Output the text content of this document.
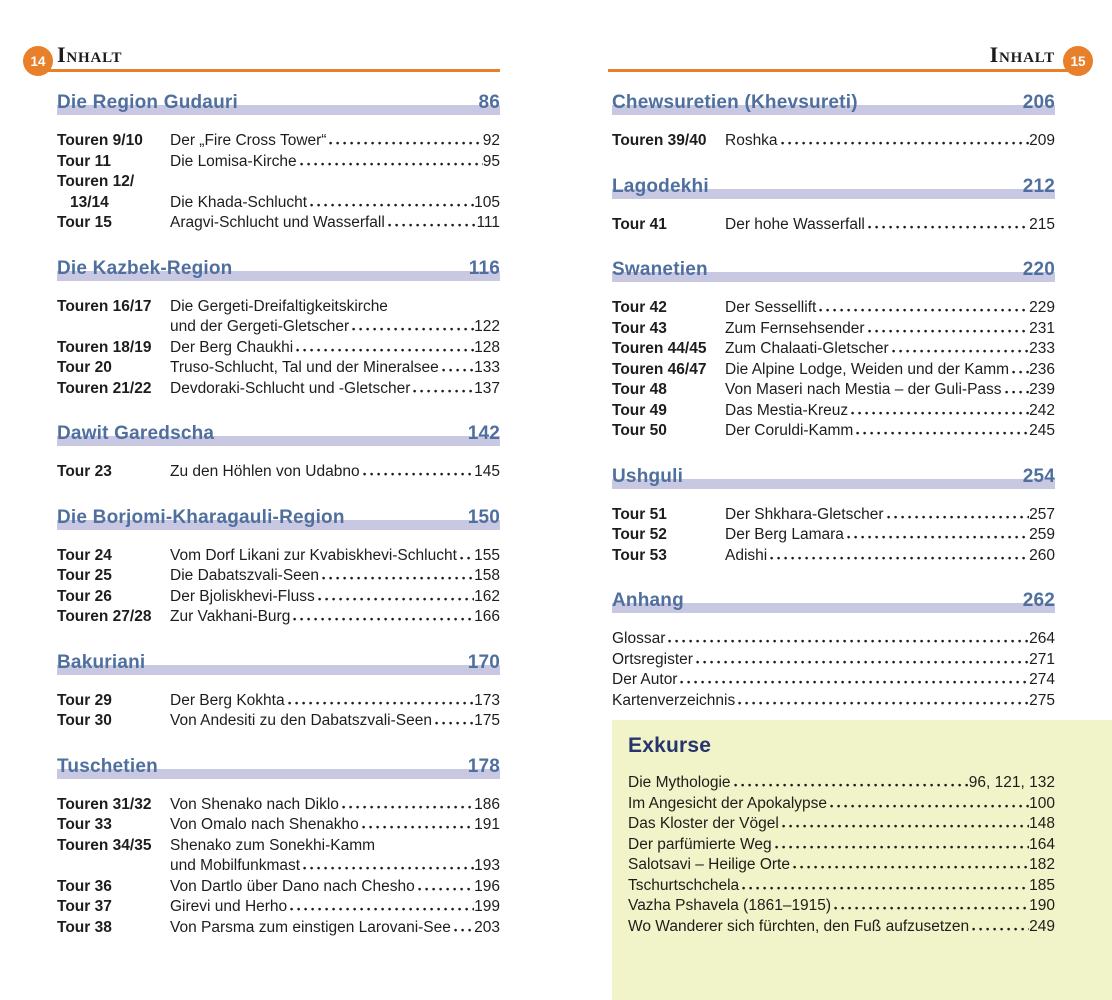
14 Inhalt
Die Region Gudauri	86
Touren 9/10	Der „Fire Cross Tower“	92
Tour 11	Die Lomisa-Kirche	95
Touren 12/
13/14	Die Khada-Schlucht	105
Tour 15	Aragvi-Schlucht und Wasserfall	111
Die Kazbek-Region	116
Touren 16/17	Die Gergeti-Dreifaltigkeitskirche
und der Gergeti-Gletscher	122
Touren 18/19	Der Berg Chaukhi	128
Tour 20	Truso-Schlucht, Tal und der Mineralsee 133
Touren 21/22	Devdoraki-Schlucht und -Gletscher	137
Dawit Garedscha	142
Tour 23	Zu den Höhlen von Udabno	145
Die Borjomi-Kharagauli-Region	150
Tour 24	Vom Dorf Likani zur Kvabiskhevi-Schlucht 155
Tour 25	Die Dabatszvali-Seen	158
Tour 26	Der Bjoliskhevi-Fluss	162
Touren 27/28	Zur Vakhani-Burg	166
Bakuriani	170
Tour 29	Der Berg Kokhta	173
Tour 30	Von Andesiti zu den Dabatszvali-Seen	175
Tuschetien	178
Touren 31/32	Von Shenako nach Diklo	186
Tour 33	Von Omalo nach Shenakho	191
Touren 34/35	Shenako zum Sonekhi-Kamm
und Mobilfunkmast	193
Tour 36	Von Dartlo über Dano nach Chesho	196
Tour 37	Girevi und Herho	199
Tour 38	Von Parsma zum einstigen Larovani-See 203
15
Inhalt
Chewsuretien (Khevsureti)	206
Touren 39/40	Roshka	209
Lagodekhi	212
Tour 41	Der hohe Wasserfall	215
Swanetien	220
Tour 42	Der Sessellift	229
Tour 43	Zum Fernsehsender	231
Touren 44/45	Zum Chalaati-Gletscher	233
Touren 46/47	Die Alpine Lodge, Weiden und der Kamm 236
Tour 48	Von Maseri nach Mestia – der Guli-Pass 239
Tour 49	Das Mestia-Kreuz	242
Tour 50	Der Coruldi-Kamm	245
Ushguli	254
Tour 51	Der Shkhara-Gletscher	257
Tour 52	Der Berg Lamara	259
Tour 53	Adishi	260
Anhang	262
Glossar	264
Ortsregister	271
Der Autor	274
Kartenverzeichnis	275
Exkurse
Die Mythologie	96, 121, 132
Im Angesicht der Apokalypse	100
Das Kloster der Vögel	148
Der parfümierte Weg	164
Salotsavi – Heilige Orte	182
Tschurtschchela	185
Vazha Pshavela (1861–1915)	190
Wo Wanderer sich fürchten, den Fuß aufzusetzen	249
